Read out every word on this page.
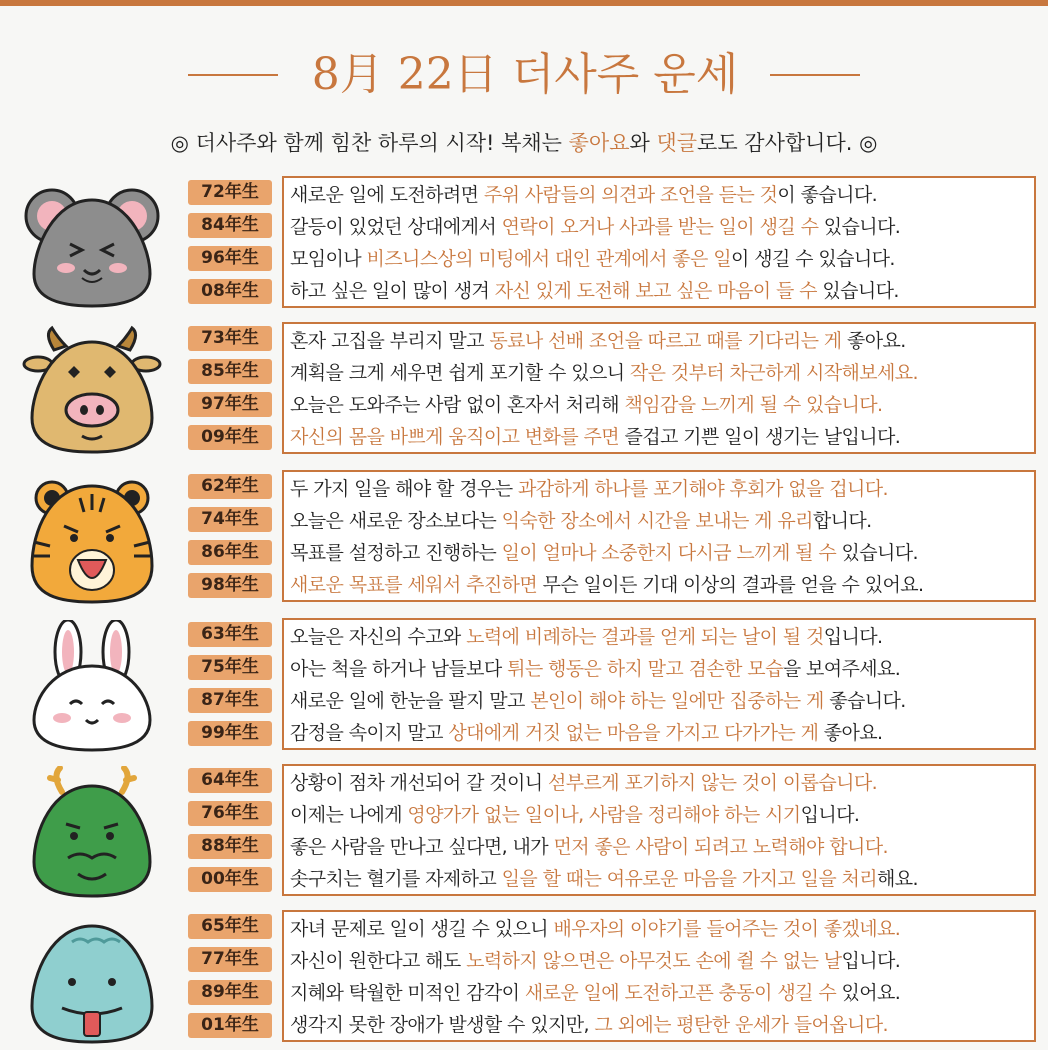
8月 22日 더사주 운세
◎ 더사주와 함께 힘찬 하루의 시작! 복채는 좋아요와 댓글로도 감사합니다. ◎
72年生
84年生
96年生
08年生
새로운 일에 도전하려면 주위 사람들의 의견과 조언을 듣는 것이 좋습니다.
갈등이 있었던 상대에게서 연락이 오거나 사과를 받는 일이 생길 수 있습니다.
모임이나 비즈니스상의 미팅에서 대인 관계에서 좋은 일이 생길 수 있습니다.
하고 싶은 일이 많이 생겨 자신 있게 도전해 보고 싶은 마음이 들 수 있습니다.
73年生
85年生
97年生
09年生
혼자 고집을 부리지 말고 동료나 선배 조언을 따르고 때를 기다리는 게 좋아요.
계획을 크게 세우면 쉽게 포기할 수 있으니 작은 것부터 차근하게 시작해보세요.
오늘은 도와주는 사람 없이 혼자서 처리해 책임감을 느끼게 될 수 있습니다.
자신의 몸을 바쁘게 움직이고 변화를 주면 즐겁고 기쁜 일이 생기는 날입니다.
62年生
74年生
86年生
98年生
두 가지 일을 해야 할 경우는 과감하게 하나를 포기해야 후회가 없을 겁니다.
오늘은 새로운 장소보다는 익숙한 장소에서 시간을 보내는 게 유리합니다.
목표를 설정하고 진행하는 일이 얼마나 소중한지 다시금 느끼게 될 수 있습니다.
새로운 목표를 세워서 추진하면 무슨 일이든 기대 이상의 결과를 얻을 수 있어요.
63年生
75年生
87年生
99年生
오늘은 자신의 수고와 노력에 비례하는 결과를 얻게 되는 날이 될 것입니다.
아는 척을 하거나 남들보다 튀는 행동은 하지 말고 겸손한 모습을 보여주세요.
새로운 일에 한눈을 팔지 말고 본인이 해야 하는 일에만 집중하는 게 좋습니다.
감정을 속이지 말고 상대에게 거짓 없는 마음을 가지고 다가가는 게 좋아요.
64年生
76年生
88年生
00年生
상황이 점차 개선되어 갈 것이니 섣부르게 포기하지 않는 것이 이롭습니다.
이제는 나에게 영양가가 없는 일이나, 사람을 정리해야 하는 시기입니다.
좋은 사람을 만나고 싶다면, 내가 먼저 좋은 사람이 되려고 노력해야 합니다.
솟구치는 혈기를 자제하고 일을 할 때는 여유로운 마음을 가지고 일을 처리해요.
65年生
77年生
89年生
01年生
자녀 문제로 일이 생길 수 있으니 배우자의 이야기를 들어주는 것이 좋겠네요.
자신이 원한다고 해도 노력하지 않으면은 아무것도 손에 쥘 수 없는 날입니다.
지혜와 탁월한 미적인 감각이 새로운 일에 도전하고픈 충동이 생길 수 있어요.
생각지 못한 장애가 발생할 수 있지만, 그 외에는 평탄한 운세가 들어옵니다.
